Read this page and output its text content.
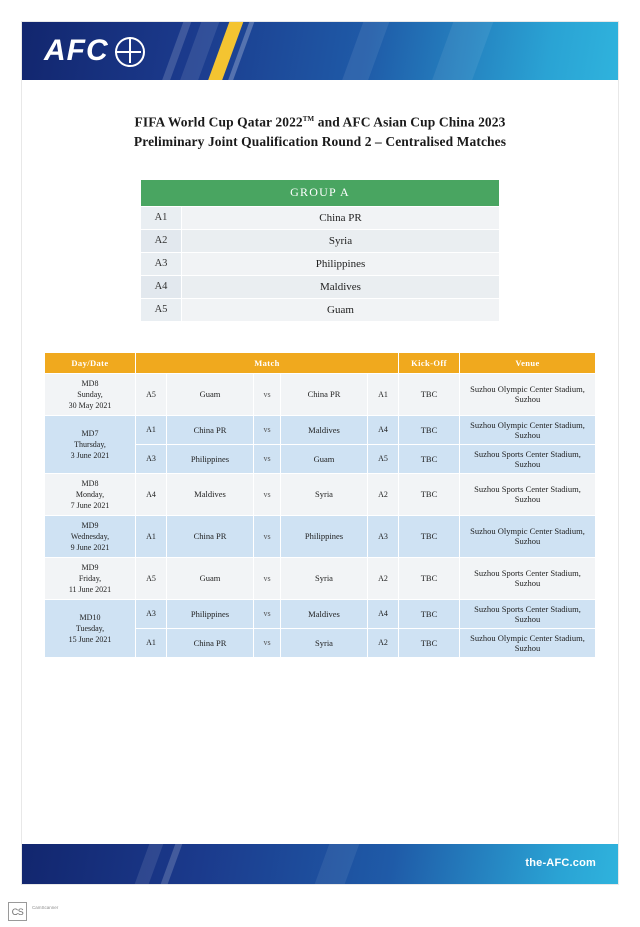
AFC
FIFA World Cup Qatar 2022™ and AFC Asian Cup China 2023
Preliminary Joint Qualification Round 2 – Centralised Matches
GROUP A	
A1	China PR
A2	Syria
A3	Philippines
A4	Maldives
A5	Guam
Day/Date	Match					Kick-Off	Venue

MD8
Sunday,
30 May 2021	A5	Guam	vs	China PR	A1	TBC	Suzhou Olympic Center Stadium, Suzhou

MD7
Thursday,
3 June 2021	A1	China PR	vs	Maldives	A4	TBC	Suzhou Olympic Center Stadium, Suzhou
	A3	Philippines	vs	Guam	A5	TBC	Suzhou Sports Center Stadium, Suzhou

MD8
Monday,
7 June 2021	A4	Maldives	vs	Syria	A2	TBC	Suzhou Sports Center Stadium, Suzhou

MD9
Wednesday,
9 June 2021	A1	China PR	vs	Philippines	A3	TBC	Suzhou Olympic Center Stadium, Suzhou

MD9
Friday,
11 June 2021	A5	Guam	vs	Syria	A2	TBC	Suzhou Sports Center Stadium, Suzhou

MD10
Tuesday,
15 June 2021	A3	Philippines	vs	Maldives	A4	TBC	Suzhou Sports Center Stadium, Suzhou
	A1	China PR	vs	Syria	A2	TBC	Suzhou Olympic Center Stadium, Suzhou
the-AFC.com
CS	CamScanner
